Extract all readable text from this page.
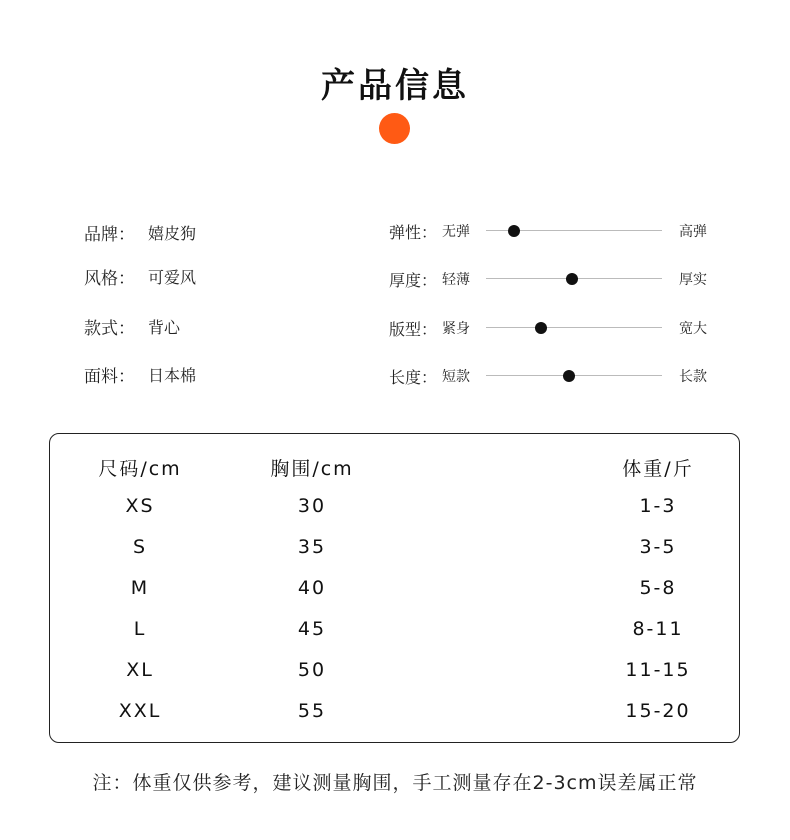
产品信息
品牌： 嬉皮狗
风格： 可爱风
款式： 背心
面料： 日本棉
弹性： 无弹	高弹
厚度： 轻薄	厚实
版型： 紧身	宽大
长度： 短款	长款
尺码/cm	胸围/cm	体重/斤
XS	30	1-3
S	35	3-5
M	40	5-8
L	45	8-11
XL	50	11-15
XXL	55	15-20
注：体重仅供参考，建议测量胸围，手工测量存在2-3cm误差属正常
